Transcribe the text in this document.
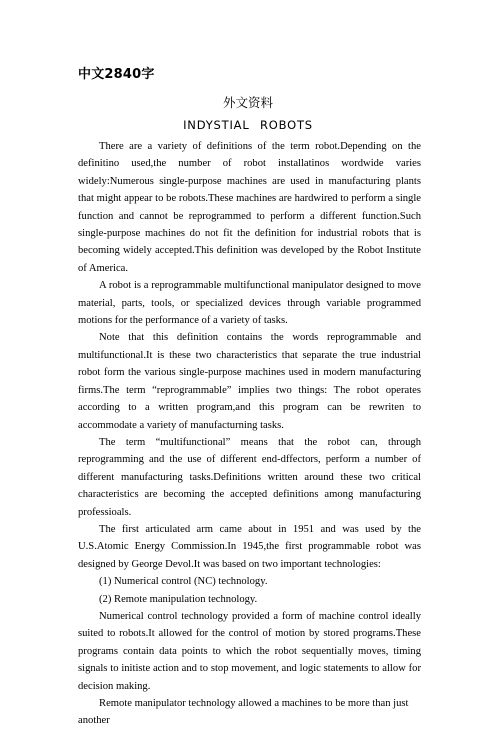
中文2840字
外文资料
INDYSTIAL ROBOTS

There are a variety of definitions of the term robot.Depending on the definitino used,the number of robot installatinos wordwide varies widely:Numerous single-purpose machines are used in manufacturing plants that might appear to be robots.These machines are hardwired to perform a single function and cannot be reprogrammed to perform a different function.Such single-purpose machines do not fit the definition for industrial robots that is becoming widely accepted.This definition was developed by the Robot Institute of America.

A robot is a reprogrammable multifunctional manipulator designed to move material, parts, tools, or specialized devices through variable programmed motions for the performance of a variety of tasks.

Note that this definition contains the words reprogrammable and multifunctional.It is these two characteristics that separate the true industrial robot form the various single-purpose machines used in modern manufacturing firms.The term “reprogrammable” implies two things: The robot operates according to a written program,and this program can be rewriten to accommodate a variety of manufacturning tasks.

The term “multifunctional” means that the robot can, through reprogramming and the use of different end-dffectors, perform a number of different manufacturing tasks.Definitions written around these two critical characteristics are becoming the accepted definitions among manufacturing professioals.

The first articulated arm came about in 1951 and was used by the U.S.Atomic Energy Commission.In 1945,the first programmable robot was designed by George Devol.It was based on two important technologies:

(1) Numerical control (NC) technology.

(2) Remote manipulation technology.

Numerical control technology provided a form of machine control ideally suited to robots.It allowed for the control of motion by stored programs.These programs contain data points to which the robot sequentially moves, timing signals to initiste action and to stop movement, and logic statements to allow for decision making.

Remote manipulator technology allowed a machines to be more than just another
